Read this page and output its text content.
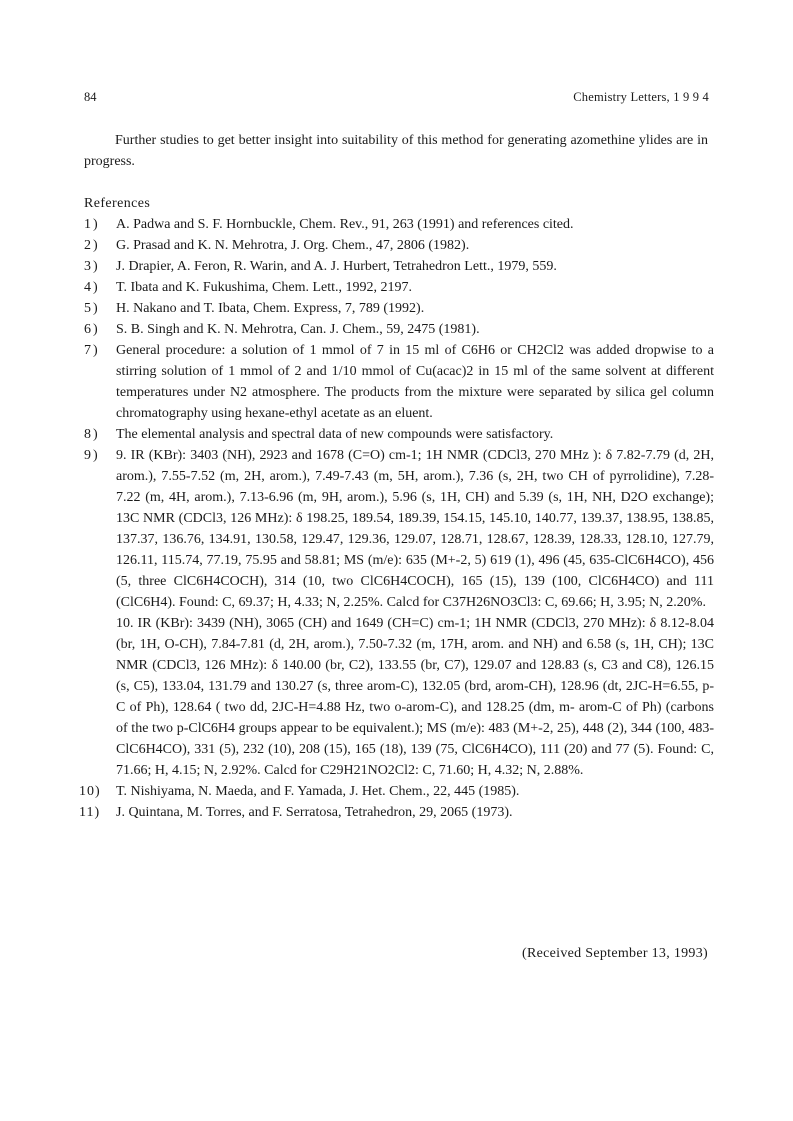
84	Chemistry Letters, 1 9 9 4

Further studies to get better insight into suitability of this method for generating azomethine ylides are in progress.

References
1) A. Padwa and S. F. Hornbuckle, Chem. Rev., 91, 263 (1991) and references cited.
2) G. Prasad and K. N. Mehrotra, J. Org. Chem., 47, 2806 (1982).
3) J. Drapier, A. Feron, R. Warin, and A. J. Hurbert, Tetrahedron Lett., 1979, 559.
4) T. Ibata and K. Fukushima, Chem. Lett., 1992, 2197.
5) H. Nakano and T. Ibata, Chem. Express, 7, 789 (1992).
6) S. B. Singh and K. N. Mehrotra, Can. J. Chem., 59, 2475 (1981).
7) General procedure: a solution of 1 mmol of 7 in 15 ml of C6H6 or CH2Cl2 was added dropwise to a stirring solution of 1 mmol of 2 and 1/10 mmol of Cu(acac)2 in 15 ml of the same solvent at different temperatures under N2 atmosphere. The products from the mixture were separated by silica gel column chromatography using hexane-ethyl acetate as an eluent.
8) The elemental analysis and spectral data of new compounds were satisfactory.
9) 9. IR (KBr): 3403 (NH), 2923 and 1678 (C=O) cm-1; 1H NMR (CDCl3, 270 MHz ): δ 7.82-7.79 (d, 2H, arom.), 7.55-7.52 (m, 2H, arom.), 7.49-7.43 (m, 5H, arom.), 7.36 (s, 2H, two CH of pyrrolidine), 7.28-7.22 (m, 4H, arom.), 7.13-6.96 (m, 9H, arom.), 5.96 (s, 1H, CH) and 5.39 (s, 1H, NH, D2O exchange); 13C NMR (CDCl3, 126 MHz): δ 198.25, 189.54, 189.39, 154.15, 145.10, 140.77, 139.37, 138.95, 138.85, 137.37, 136.76, 134.91, 130.58, 129.47, 129.36, 129.07, 128.71, 128.67, 128.39, 128.33, 128.10, 127.79, 126.11, 115.74, 77.19, 75.95 and 58.81; MS (m/e): 635 (M+-2, 5) 619 (1), 496 (45, 635-ClC6H4CO), 456 (5, three ClC6H4COCH), 314 (10, two ClC6H4COCH), 165 (15), 139 (100, ClC6H4CO) and 111 (ClC6H4). Found: C, 69.37; H, 4.33; N, 2.25%. Calcd for C37H26NO3Cl3: C, 69.66; H, 3.95; N, 2.20%.
10. IR (KBr): 3439 (NH), 3065 (CH) and 1649 (CH=C) cm-1; 1H NMR (CDCl3, 270 MHz): δ 8.12-8.04 (br, 1H, O-CH), 7.84-7.81 (d, 2H, arom.), 7.50-7.32 (m, 17H, arom. and NH) and 6.58 (s, 1H, CH); 13C NMR (CDCl3, 126 MHz): δ 140.00 (br, C2), 133.55 (br, C7), 129.07 and 128.83 (s, C3 and C8), 126.15 (s, C5), 133.04, 131.79 and 130.27 (s, three arom-C), 132.05 (brd, arom-CH), 128.96 (dt, 2JC-H=6.55, p-C of Ph), 128.64 ( two dd, 2JC-H=4.88 Hz, two o-arom-C), and 128.25 (dm, m- arom-C of Ph) (carbons of the two p-ClC6H4 groups appear to be equivalent.); MS (m/e): 483 (M+-2, 25), 448 (2), 344 (100, 483-ClC6H4CO), 331 (5), 232 (10), 208 (15), 165 (18), 139 (75, ClC6H4CO), 111 (20) and 77 (5). Found: C, 71.66; H, 4.15; N, 2.92%. Calcd for C29H21NO2Cl2: C, 71.60; H, 4.32; N, 2.88%.
10) T. Nishiyama, N. Maeda, and F. Yamada, J. Het. Chem., 22, 445 (1985).
11) J. Quintana, M. Torres, and F. Serratosa, Tetrahedron, 29, 2065 (1973).
(Received September 13, 1993)
